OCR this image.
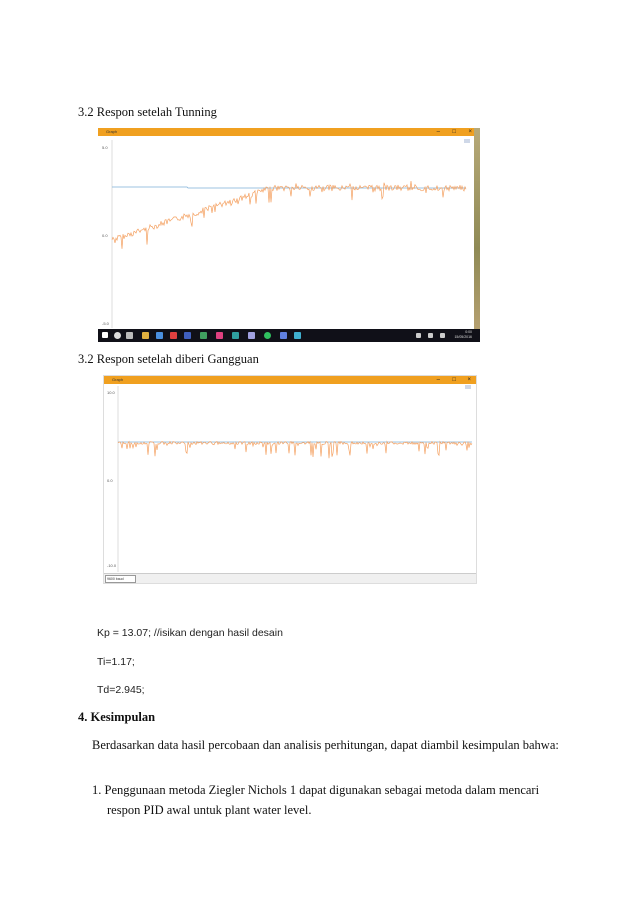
3.2 Respon setelah Tunning
Graph	– □ ×
5.0
0.0
-5.0
0:00
15/05/2016
3.2 Respon setelah diberi Gangguan
Graph	– □ ×
10.0
0.0
-10.0
9600 baud
Kp = 13.07; //isikan dengan hasil desain
Ti=1.17;
Td=2.945;
4. Kesimpulan
Berdasarkan data hasil percobaan dan analisis perhitungan, dapat diambil kesimpulan bahwa:
1. Penggunaan metoda Ziegler Nichols 1 dapat digunakan sebagai metoda dalam mencari
respon PID awal untuk plant water level.
